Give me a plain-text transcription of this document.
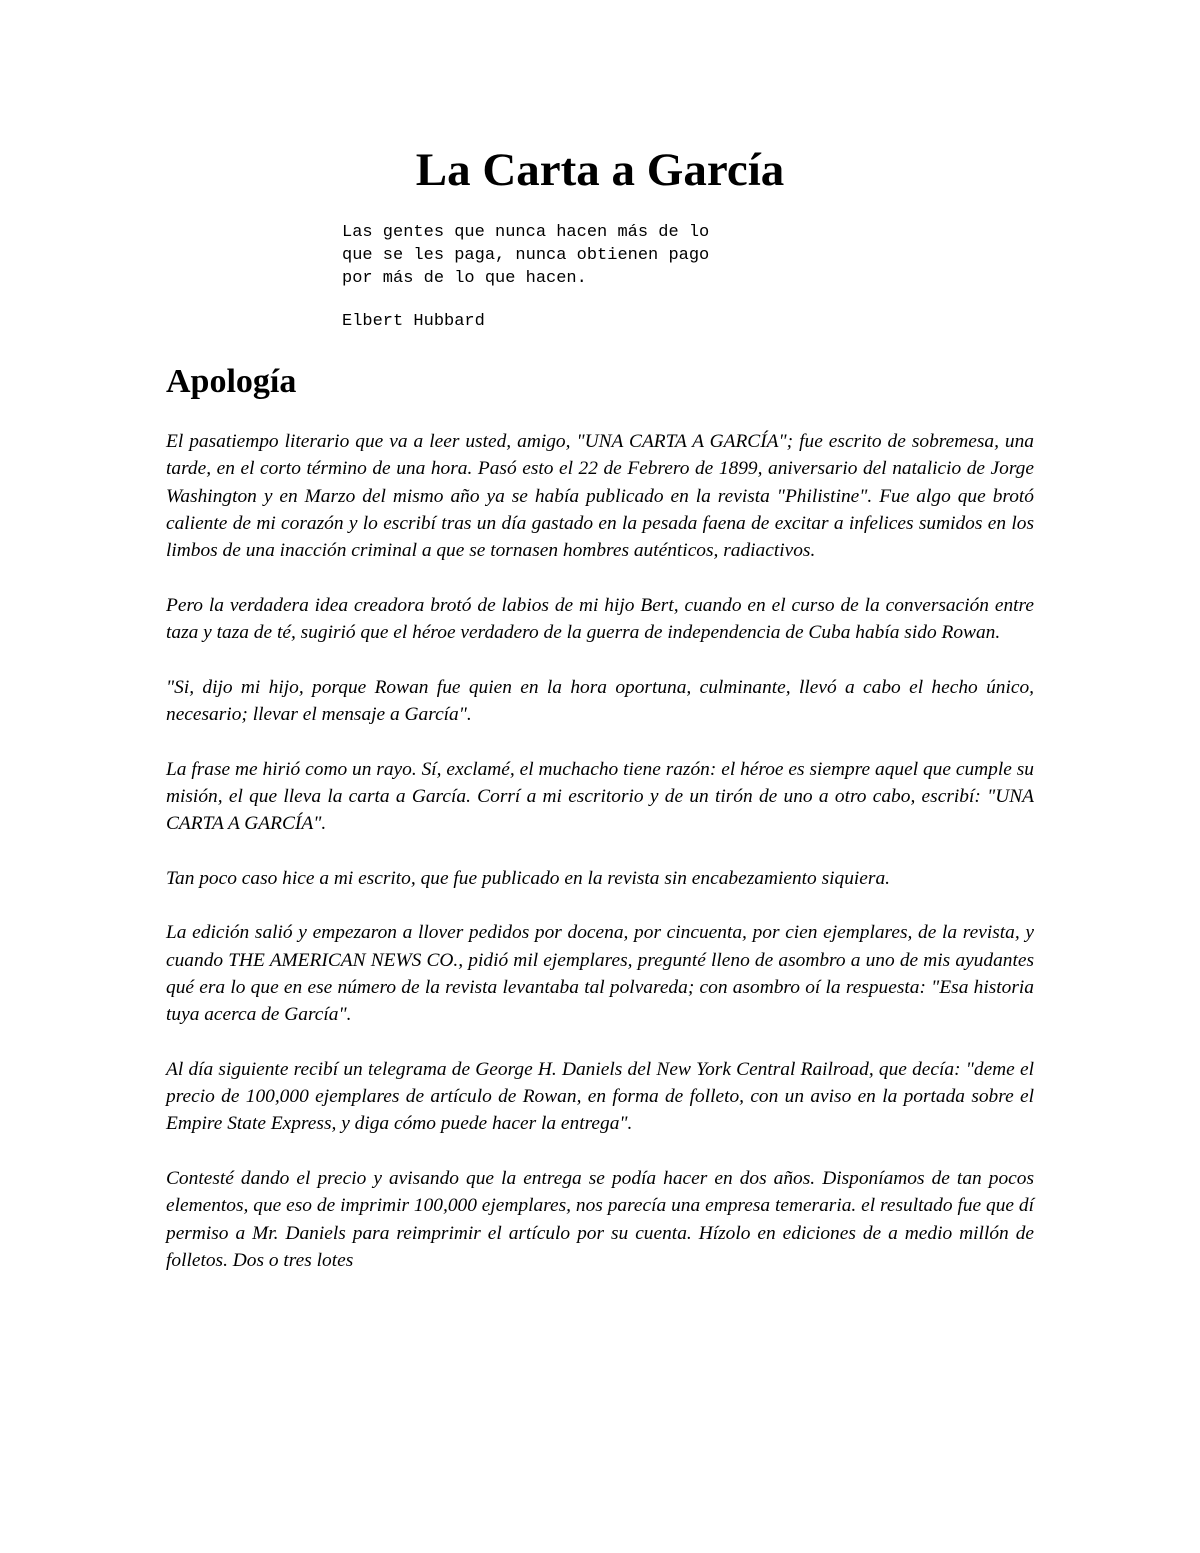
La Carta a García
Las gentes que nunca hacen más de lo
que se les paga, nunca obtienen pago
por más de lo que hacen.
Elbert Hubbard
Apología

El pasatiempo literario que va a leer usted, amigo, "UNA CARTA A GARCÍA"; fue escrito de sobremesa, una tarde, en el corto término de una hora. Pasó esto el 22 de Febrero de 1899, aniversario del natalicio de Jorge Washington y en Marzo del mismo año ya se había publicado en la revista "Philistine". Fue algo que brotó caliente de mi corazón y lo escribí tras un día gastado en la pesada faena de excitar a infelices sumidos en los limbos de una inacción criminal a que se tornasen hombres auténticos, radiactivos.

Pero la verdadera idea creadora brotó de labios de mi hijo Bert, cuando en el curso de la conversación entre taza y taza de té, sugirió que el héroe verdadero de la guerra de independencia de Cuba había sido Rowan.

"Si, dijo mi hijo, porque Rowan fue quien en la hora oportuna, culminante, llevó a cabo el hecho único, necesario; llevar el mensaje a García".

La frase me hirió como un rayo. Sí, exclamé, el muchacho tiene razón: el héroe es siempre aquel que cumple su misión, el que lleva la carta a García. Corrí a mi escritorio y de un tirón de uno a otro cabo, escribí: "UNA CARTA A GARCÍA".

Tan poco caso hice a mi escrito, que fue publicado en la revista sin encabezamiento siquiera.

La edición salió y empezaron a llover pedidos por docena, por cincuenta, por cien ejemplares, de la revista, y cuando THE AMERICAN NEWS CO., pidió mil ejemplares, pregunté lleno de asombro a uno de mis ayudantes qué era lo que en ese número de la revista levantaba tal polvareda; con asombro oí la respuesta: "Esa historia tuya acerca de García".

Al día siguiente recibí un telegrama de George H. Daniels del New York Central Railroad, que decía: "deme el precio de 100,000 ejemplares de artículo de Rowan, en forma de folleto, con un aviso en la portada sobre el Empire State Express, y diga cómo puede hacer la entrega".

Contesté dando el precio y avisando que la entrega se podía hacer en dos años. Disponíamos de tan pocos elementos, que eso de imprimir 100,000 ejemplares, nos parecía una empresa temeraria. el resultado fue que dí permiso a Mr. Daniels para reimprimir el artículo por su cuenta. Hízolo en ediciones de a medio millón de folletos. Dos o tres lotes
